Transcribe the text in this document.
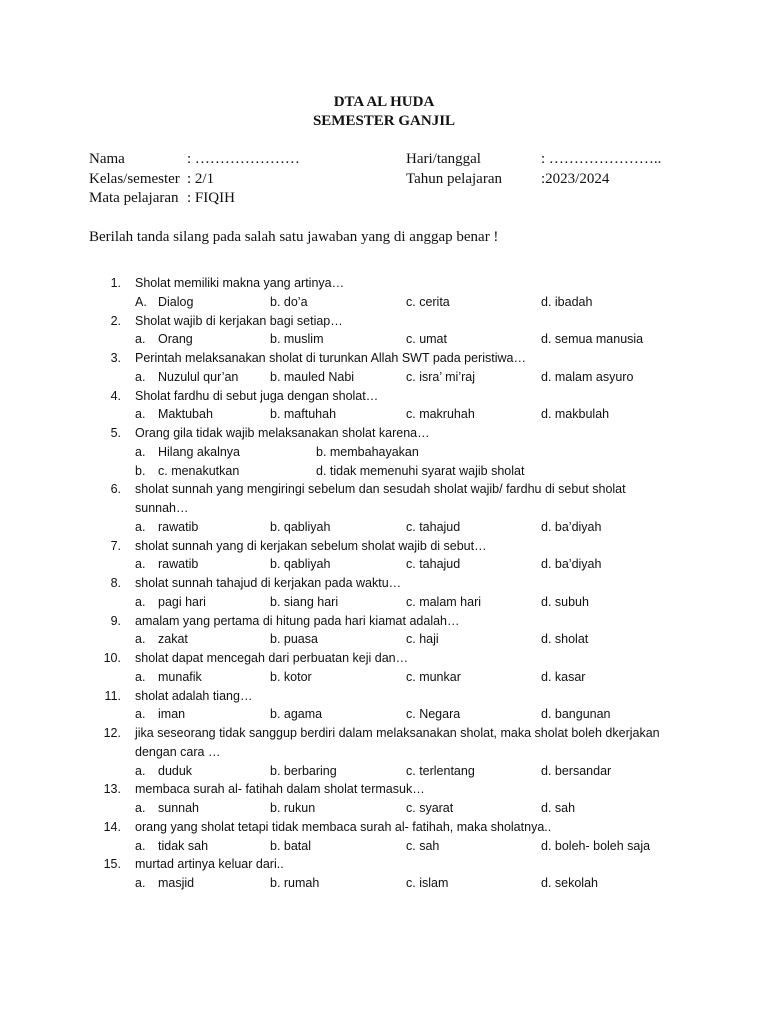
DTA AL HUDA
SEMESTER GANJIL
Nama	: …………………	Hari/tanggal	: …………………..
Kelas/semester : 2/1	Tahun pelajaran	:2023/2024
Mata pelajaran : FIQIH
Berilah tanda silang pada salah satu jawaban yang di anggap benar !
1. Sholat memiliki makna yang artinya…
A. Dialog	b. do’a	c. cerita	d. ibadah
2. Sholat wajib di kerjakan bagi setiap…
a. Orang	b. muslim	c. umat	d. semua manusia
3. Perintah melaksanakan sholat di turunkan Allah SWT pada peristiwa…
a. Nuzulul qur’an	b. mauled Nabi	c. isra’ mi’raj	d. malam asyuro
4. Sholat fardhu di sebut juga dengan sholat…
a. Maktubah	b. maftuhah	c. makruhah	d. makbulah
5. Orang gila tidak wajib melaksanakan sholat karena…
a. Hilang akalnya	b. membahayakan
b. c. menakutkan	d. tidak memenuhi syarat wajib sholat
6. sholat sunnah yang mengiringi sebelum dan sesudah sholat wajib/ fardhu di sebut sholat
sunnah…
a. rawatib	b. qabliyah	c. tahajud	d. ba’diyah
7. sholat sunnah yang di kerjakan sebelum sholat wajib di sebut…
a. rawatib	b. qabliyah	c. tahajud	d. ba’diyah
8. sholat sunnah tahajud di kerjakan pada waktu…
a. pagi hari	b. siang hari	c. malam hari	d. subuh
9. amalam yang pertama di hitung pada hari kiamat adalah…
a. zakat	b. puasa	c. haji	d. sholat
10. sholat dapat mencegah dari perbuatan keji dan…
a. munafik	b. kotor	c. munkar	d. kasar
11. sholat adalah tiang…
a. iman	b. agama	c. Negara	d. bangunan
12. jika seseorang tidak sanggup berdiri dalam melaksanakan sholat, maka sholat boleh dkerjakan
dengan cara …
a. duduk	b. berbaring	c. terlentang	d. bersandar
13. membaca surah al- fatihah dalam sholat termasuk…
a. sunnah	b. rukun	c. syarat	d. sah
14. orang yang sholat tetapi tidak membaca surah al- fatihah, maka sholatnya..
a. tidak sah	b. batal	c. sah	d. boleh- boleh saja
15. murtad artinya keluar dari..
a. masjid	b. rumah	c. islam	d. sekolah
